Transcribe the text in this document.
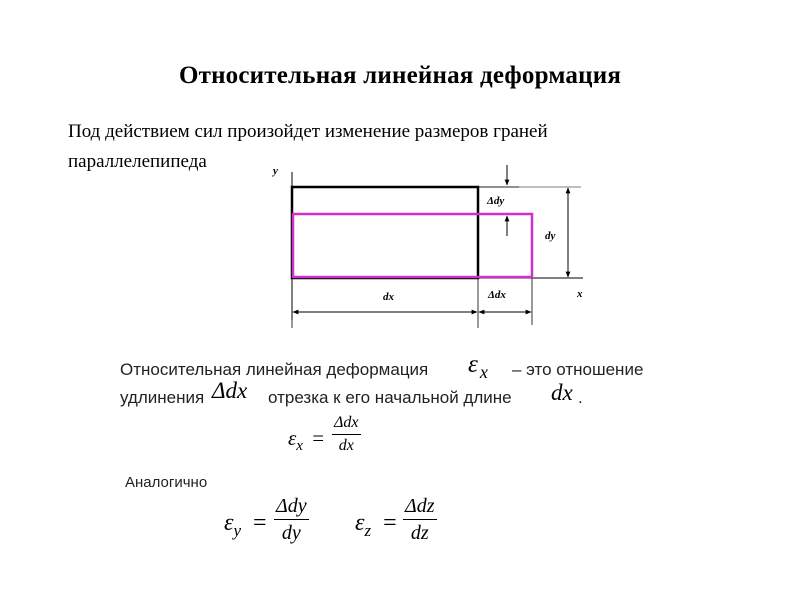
Относительная линейная деформация
Под действием сил произойдет изменение размеров граней
параллелепипеда	y
x
Δdy
dy
dx	Δdx
Относительная линейная деформация ε x – это отношение
удлинения Δdx отрезка к его начальной длине dx .
$\varepsilon_x$ =
Δdx
dx
Аналогично
$\varepsilon_y$ =
Δdy
dy $\varepsilon_z$ =
Δdz
dz
